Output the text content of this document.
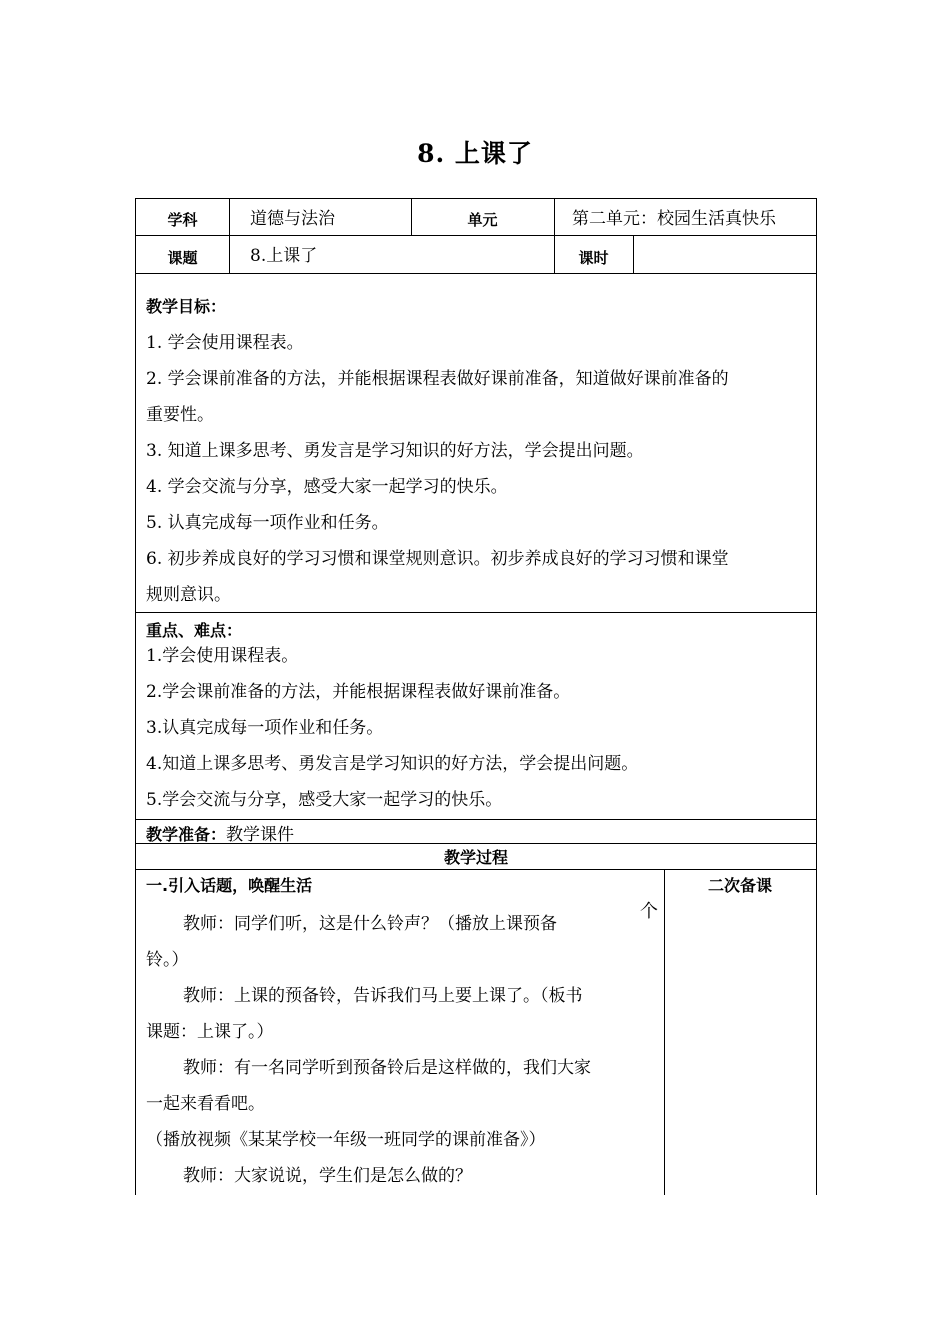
8. 上课了
学科	道德与法治	单元	第二单元：校园生活真快乐
课题	8.上课了	课时
教学目标：
1. 学会使用课程表。
2. 学会课前准备的方法，并能根据课程表做好课前准备，知道做好课前准备的
重要性。
3. 知道上课多思考、勇发言是学习知识的好方法，学会提出问题。
4. 学会交流与分享，感受大家一起学习的快乐。
5. 认真完成每一项作业和任务。
6. 初步养成良好的学习习惯和课堂规则意识。初步养成良好的学习习惯和课堂
规则意识。
重点、难点：
1.学会使用课程表。
2.学会课前准备的方法，并能根据课程表做好课前准备。
3.认真完成每一项作业和任务。
4.知道上课多思考、勇发言是学习知识的好方法，学会提出问题。
5.学会交流与分享，感受大家一起学习的快乐。
教学准备：教学课件
教学过程
一.引入话题，唤醒生活
个
二次备课
教师：同学们听，这是什么铃声？（播放上课预备
铃。）
教师：上课的预备铃，告诉我们马上要上课了。（板书
课题：上课了。）
教师：有一名同学听到预备铃后是这样做的，我们大家
一起来看看吧。
（播放视频《某某学校一年级一班同学的课前准备》）
教师：大家说说，学生们是怎么做的？
